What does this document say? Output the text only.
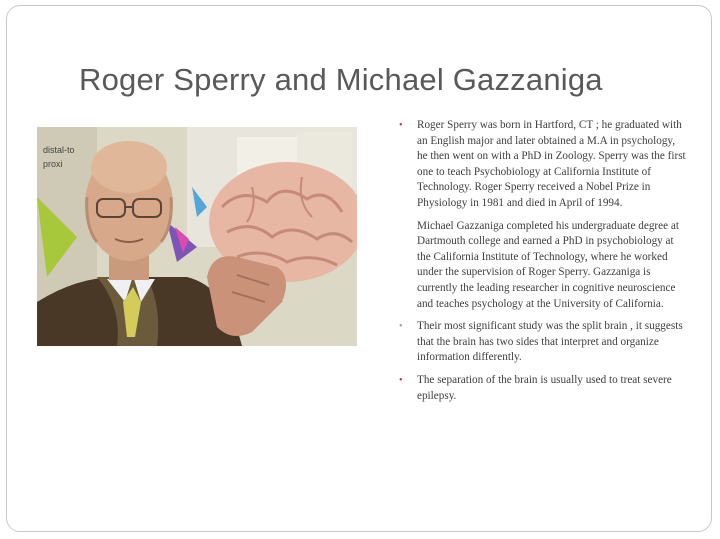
Roger Sperry and Michael Gazzaniga
distal-to
proxi
• Roger Sperry was born in Hartford, CT ; he graduated with an English major and later obtained a M.A in psychology, he then went on with a PhD in Zoology. Sperry was the first one to teach Psychobiology at California Institute of Technology. Roger Sperry received a Nobel Prize in Physiology in 1981 and died in April of 1994.
Michael Gazzaniga completed his undergraduate degree at Dartmouth college and earned a PhD in psychobiology at the California Institute of Technology, where he worked under the supervision of Roger Sperry. Gazzaniga is currently the leading researcher in cognitive neuroscience and teaches psychology at the University of California.
• Their most significant study was the split brain , it suggests that the brain has two sides that interpret and organize information differently.
• The separation of the brain is usually used to treat severe epilepsy.
